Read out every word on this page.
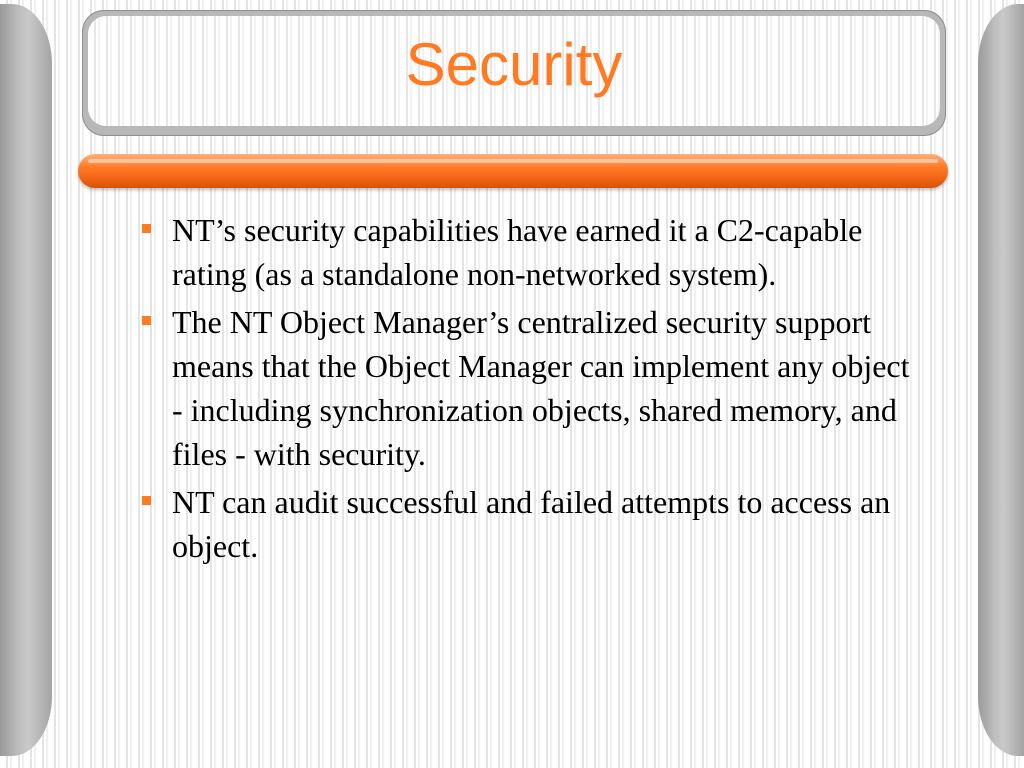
Security
NT’s security capabilities have earned it a C2-capable rating (as a standalone non-networked system).
The NT Object Manager’s centralized security support means that the Object Manager can implement any object - including synchronization objects, shared memory, and files - with security.
NT can audit successful and failed attempts to access an object.
